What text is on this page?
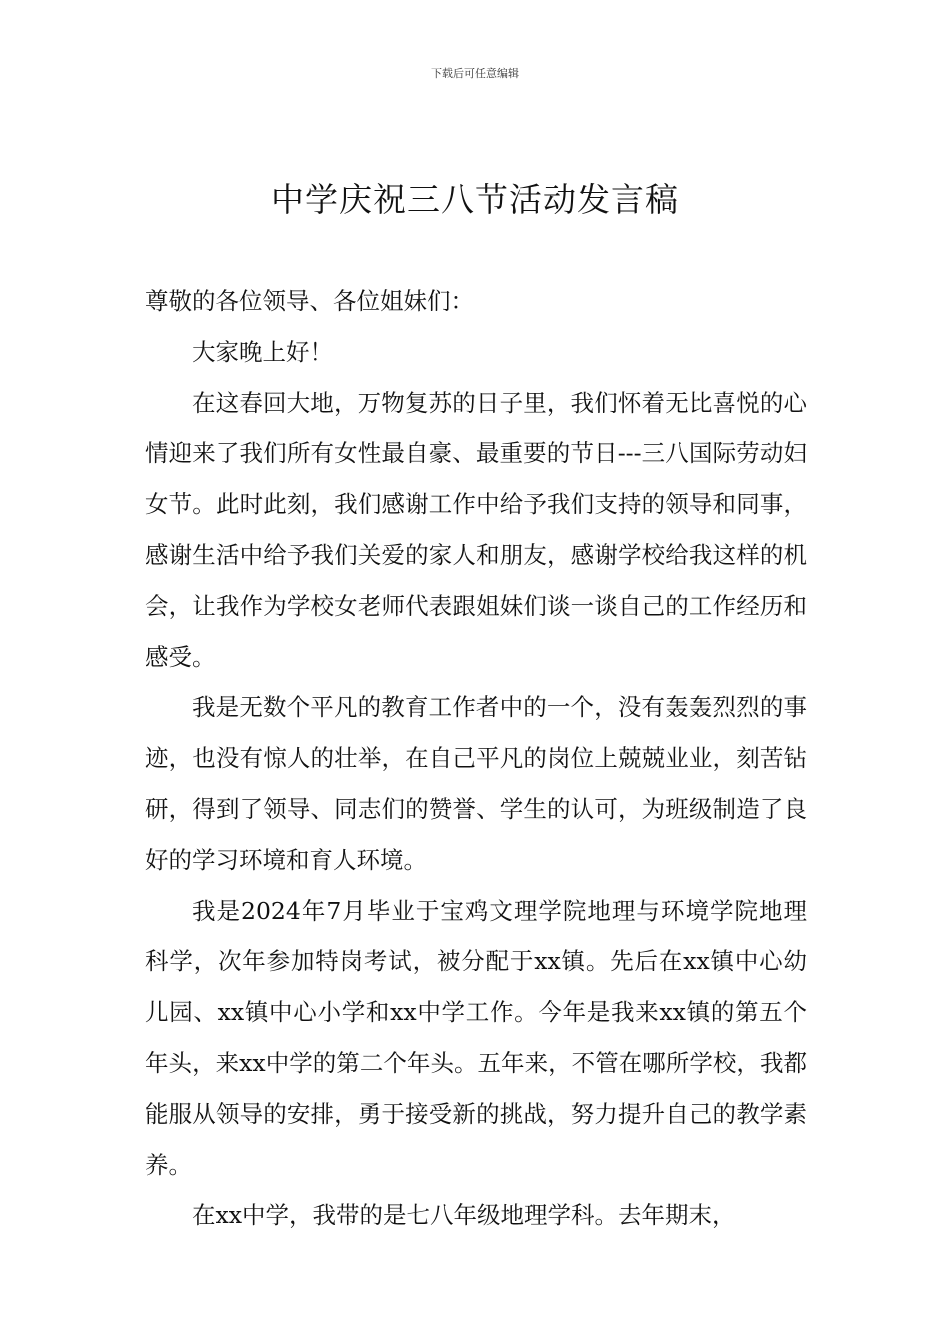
下载后可任意编辑
中学庆祝三八节活动发言稿

尊敬的各位领导、各位姐妹们：

大家晚上好！

在这春回大地，万物复苏的日子里，我们怀着无比喜悦的心情迎来了我们所有女性最自豪、最重要的节日---三八国际劳动妇女节。此时此刻，我们感谢工作中给予我们支持的领导和同事，感谢生活中给予我们关爱的家人和朋友，感谢学校给我这样的机会，让我作为学校女老师代表跟姐妹们谈一谈自己的工作经历和感受。

我是无数个平凡的教育工作者中的一个，没有轰轰烈烈的事迹，也没有惊人的壮举，在自己平凡的岗位上兢兢业业，刻苦钻研，得到了领导、同志们的赞誉、学生的认可，为班级制造了良好的学习环境和育人环境。

我是2024年7月毕业于宝鸡文理学院地理与环境学院地理科学，次年参加特岗考试，被分配于xx镇。先后在xx镇中心幼儿园、xx镇中心小学和xx中学工作。今年是我来xx镇的第五个年头，来xx中学的第二个年头。五年来，不管在哪所学校，我都能服从领导的安排，勇于接受新的挑战，努力提升自己的教学素养。

在xx中学，我带的是七八年级地理学科。去年期末，
